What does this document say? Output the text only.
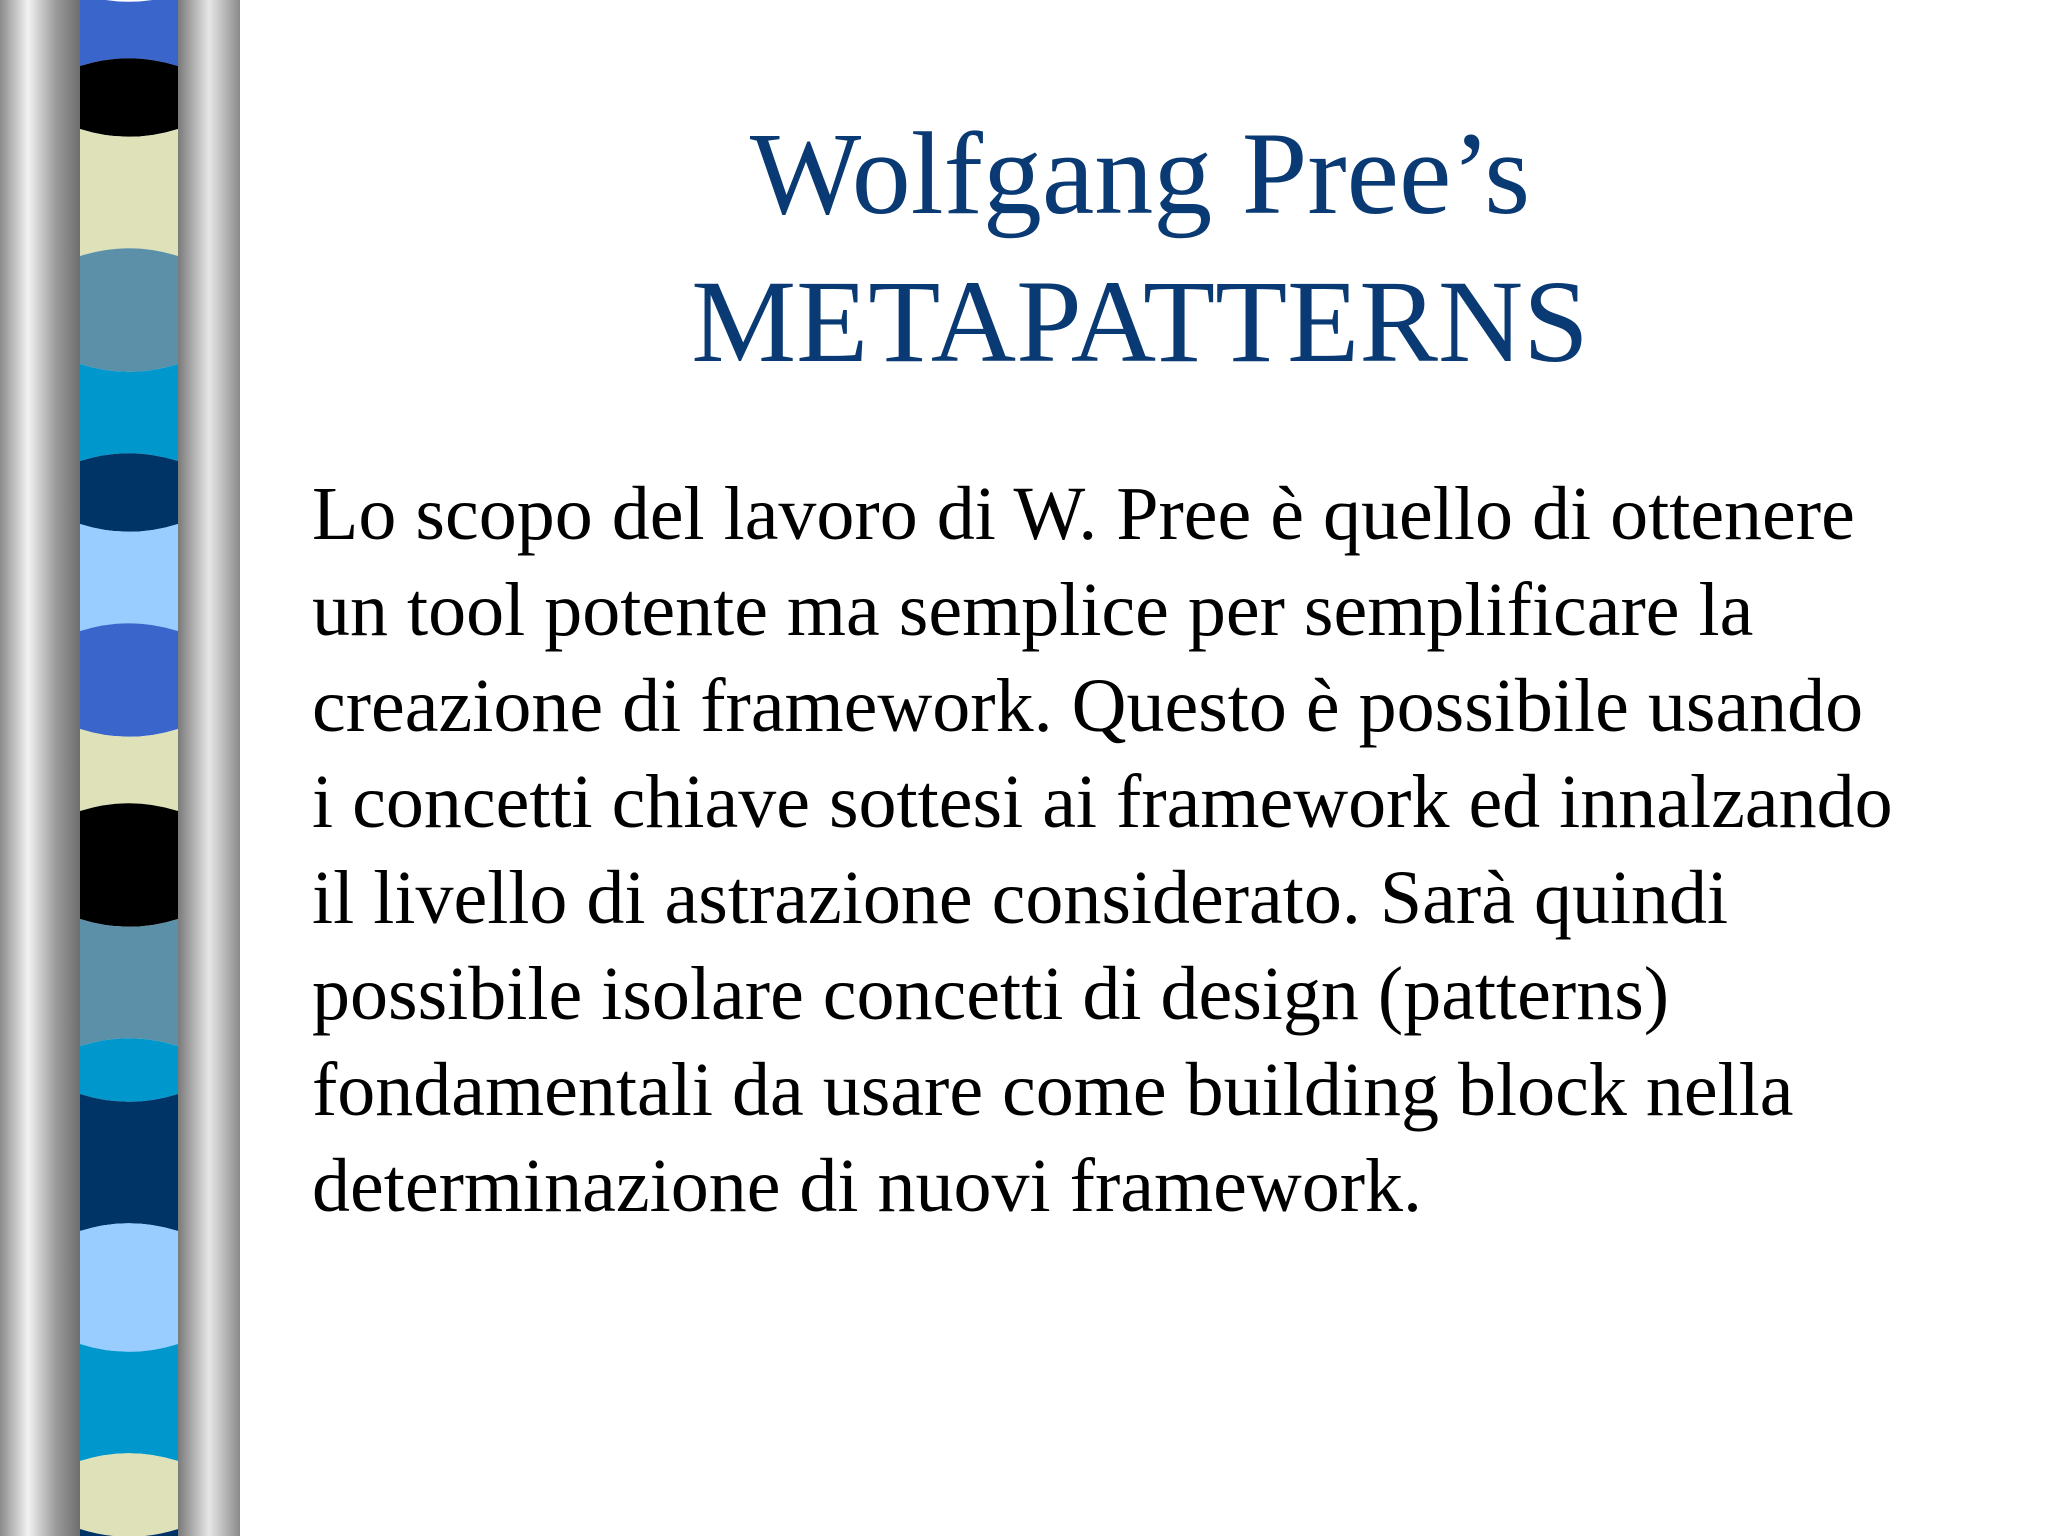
Wolfgang Pree’s
METAPATTERNS
Lo scopo del lavoro di W. Pree è quello di ottenere
un tool potente ma semplice per semplificare la
creazione di framework. Questo è possibile usando
i concetti chiave sottesi ai framework ed innalzando
il livello di astrazione considerato. Sarà quindi
possibile isolare concetti di design (patterns)
fondamentali da usare come building block nella
determinazione di nuovi framework.
